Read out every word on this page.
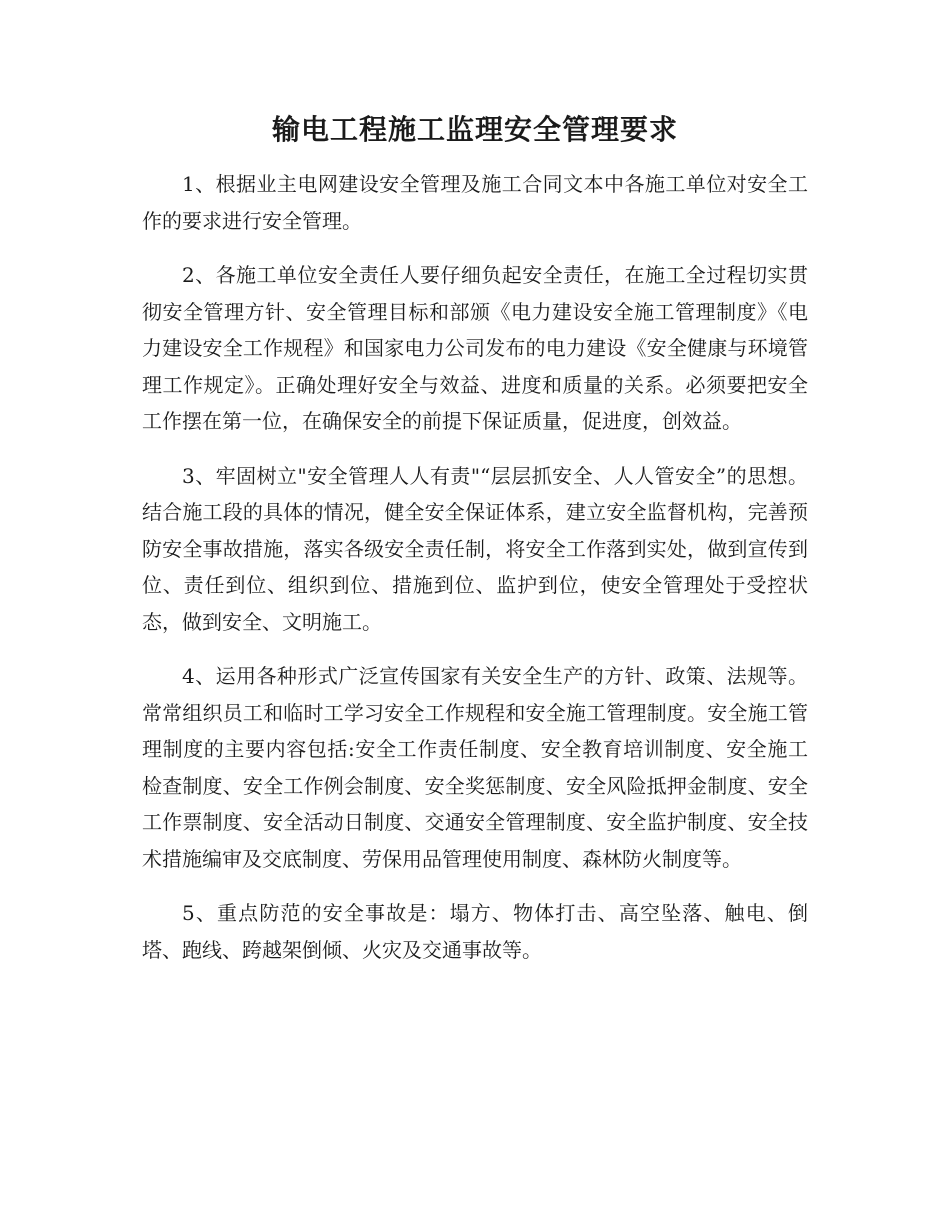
输电工程施工监理安全管理要求

1、根据业主电网建设安全管理及施工合同文本中各施工单位对安全工作的要求进行安全管理。

2、各施工单位安全责任人要仔细负起安全责任，在施工全过程切实贯彻安全管理方针、安全管理目标和部颁《电力建设安全施工管理制度》《电力建设安全工作规程》和国家电力公司发布的电力建设《安全健康与环境管理工作规定》。正确处理好安全与效益、进度和质量的关系。必须要把安全工作摆在第一位，在确保安全的前提下保证质量，促进度，创效益。

3、牢固树立"安全管理人人有责"“层层抓安全、人人管安全”的思想。结合施工段的具体的情况，健全安全保证体系，建立安全监督机构，完善预防安全事故措施，落实各级安全责任制，将安全工作落到实处，做到宣传到位、责任到位、组织到位、措施到位、监护到位，使安全管理处于受控状态，做到安全、文明施工。

4、运用各种形式广泛宣传国家有关安全生产的方针、政策、法规等。常常组织员工和临时工学习安全工作规程和安全施工管理制度。安全施工管理制度的主要内容包括:安全工作责任制度、安全教育培训制度、安全施工检查制度、安全工作例会制度、安全奖惩制度、安全风险抵押金制度、安全工作票制度、安全活动日制度、交通安全管理制度、安全监护制度、安全技术措施编审及交底制度、劳保用品管理使用制度、森林防火制度等。

5、重点防范的安全事故是：塌方、物体打击、高空坠落、触电、倒塔、跑线、跨越架倒倾、火灾及交通事故等。
